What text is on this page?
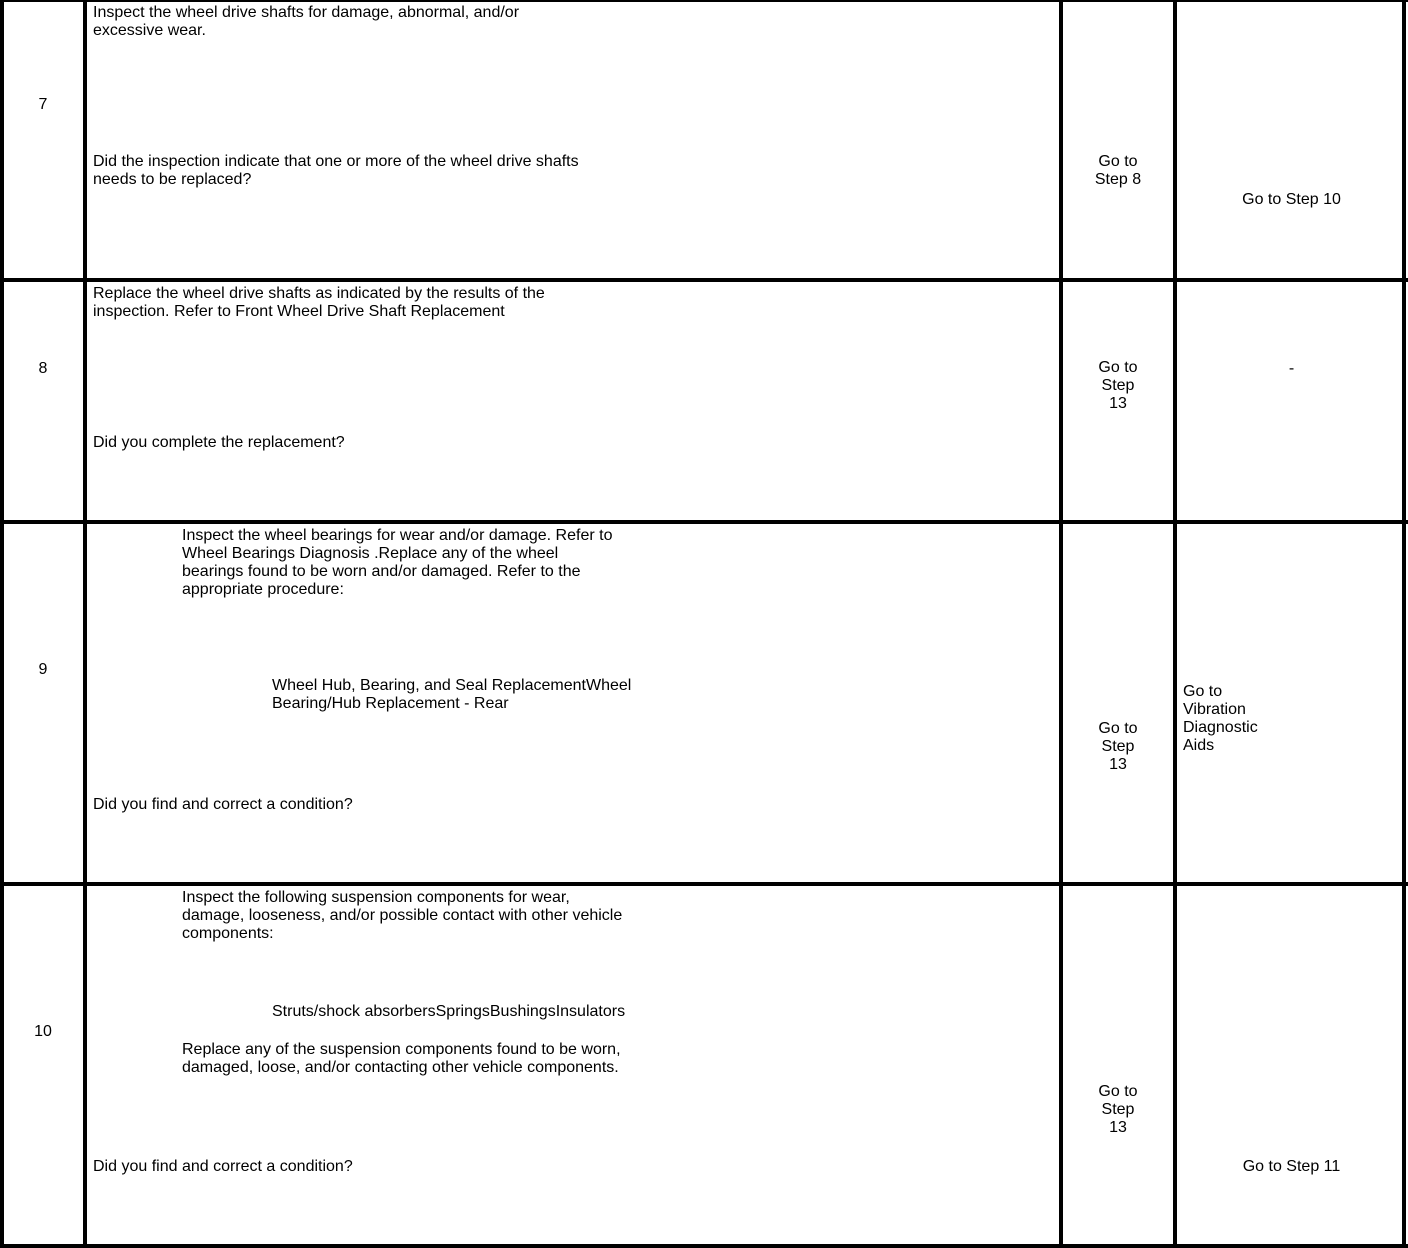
7
Inspect the wheel drive shafts for damage, abnormal, and/or
excessive wear.
Did the inspection indicate that one or more of the wheel drive shafts
needs to be replaced?
Go to
Step 8
Go to Step 10
8
Replace the wheel drive shafts as indicated by the results of the
inspection. Refer to Front Wheel Drive Shaft Replacement
Did you complete the replacement?
Go to
Step
13
-
9
Inspect the wheel bearings for wear and/or damage. Refer to
Wheel Bearings Diagnosis .Replace any of the wheel
bearings found to be worn and/or damaged. Refer to the
appropriate procedure:
Wheel Hub, Bearing, and Seal ReplacementWheel
Bearing/Hub Replacement - Rear
Did you find and correct a condition?
Go to
Step
13
Go to
Vibration
Diagnostic
Aids
10
Inspect the following suspension components for wear,
damage, looseness, and/or possible contact with other vehicle
components:
Struts/shock absorbersSpringsBushingsInsulators
Replace any of the suspension components found to be worn,
damaged, loose, and/or contacting other vehicle components.
Did you find and correct a condition?
Go to
Step
13
Go to Step 11
